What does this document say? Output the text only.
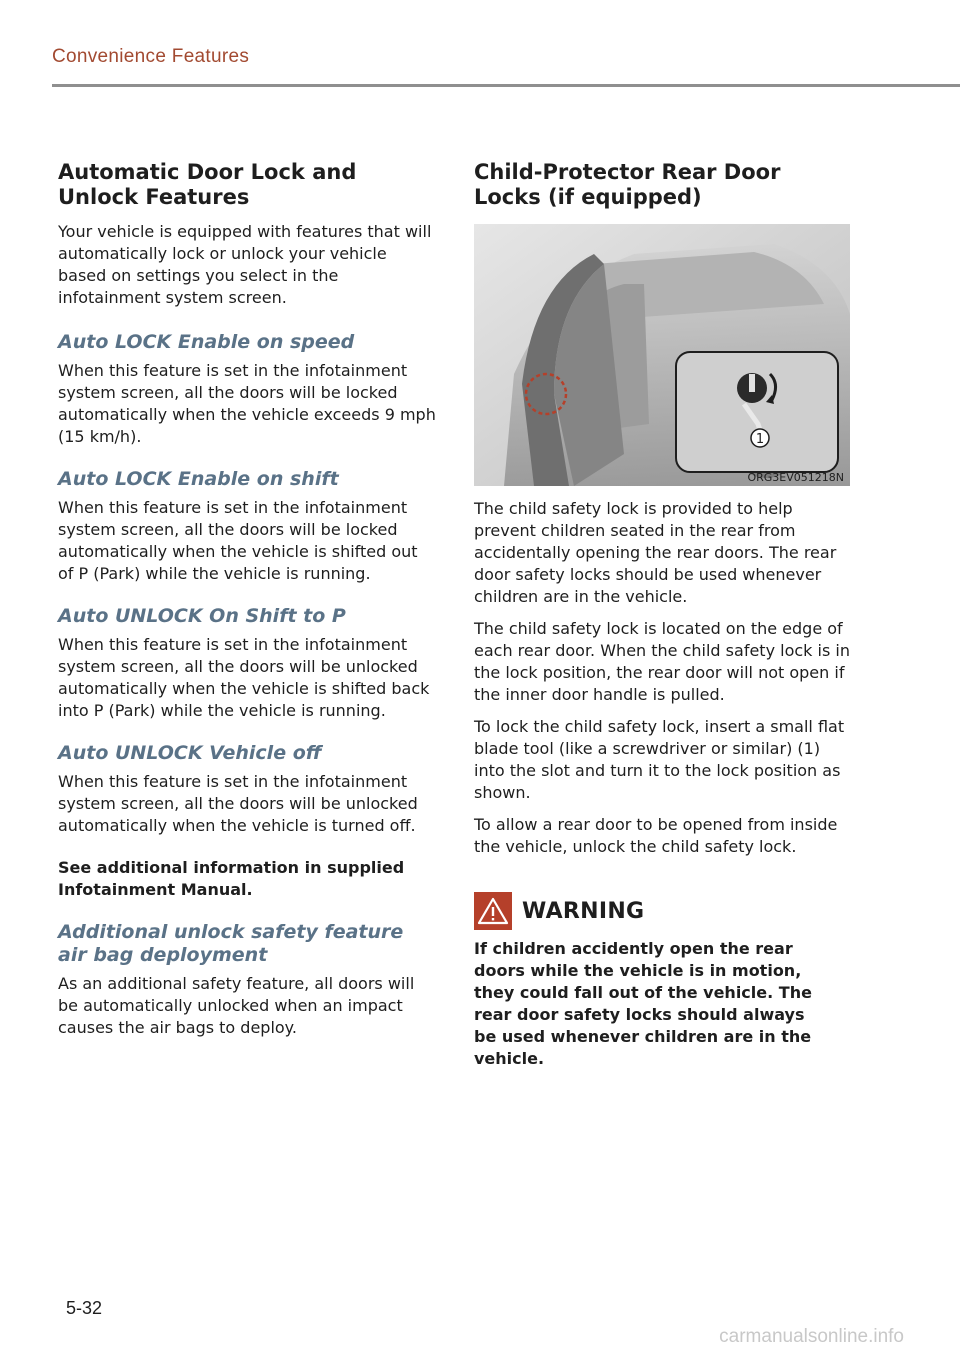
Convenience Features
Automatic Door Lock and Unlock Features

Your vehicle is equipped with features that will automatically lock or unlock your vehicle based on settings you select in the infotainment system screen.

Auto LOCK Enable on speed

When this feature is set in the infotainment system screen, all the doors will be locked automatically when the vehicle exceeds 9 mph (15 km/h).

Auto LOCK Enable on shift

When this feature is set in the infotainment system screen, all the doors will be locked automatically when the vehicle is shifted out of P (Park) while the vehicle is running.

Auto UNLOCK On Shift to P

When this feature is set in the infotainment system screen, all the doors will be unlocked automatically when the vehicle is shifted back into P (Park) while the vehicle is running.

Auto UNLOCK Vehicle off

When this feature is set in the infotainment system screen, all the doors will be unlocked automatically when the vehicle is turned off.

See additional information in supplied Infotainment Manual.

Additional unlock safety feature air bag deployment

As an additional safety feature, all doors will be automatically unlocked when an impact causes the air bags to deploy.

Child-Protector Rear Door Locks (if equipped)
1
ORG3EV051218N

The child safety lock is provided to help prevent children seated in the rear from accidentally opening the rear doors. The rear door safety locks should be used whenever children are in the vehicle.

The child safety lock is located on the edge of each rear door. When the child safety lock is in the lock position, the rear door will not open if the inner door handle is pulled.

To lock the child safety lock, insert a small flat blade tool (like a screwdriver or similar) (1) into the slot and turn it to the lock position as shown.

To allow a rear door to be opened from inside the vehicle, unlock the child safety lock.

WARNING

If children accidently open the rear doors while the vehicle is in motion, they could fall out of the vehicle. The rear door safety locks should always be used whenever children are in the vehicle.

5-32
carmanualsonline.info
